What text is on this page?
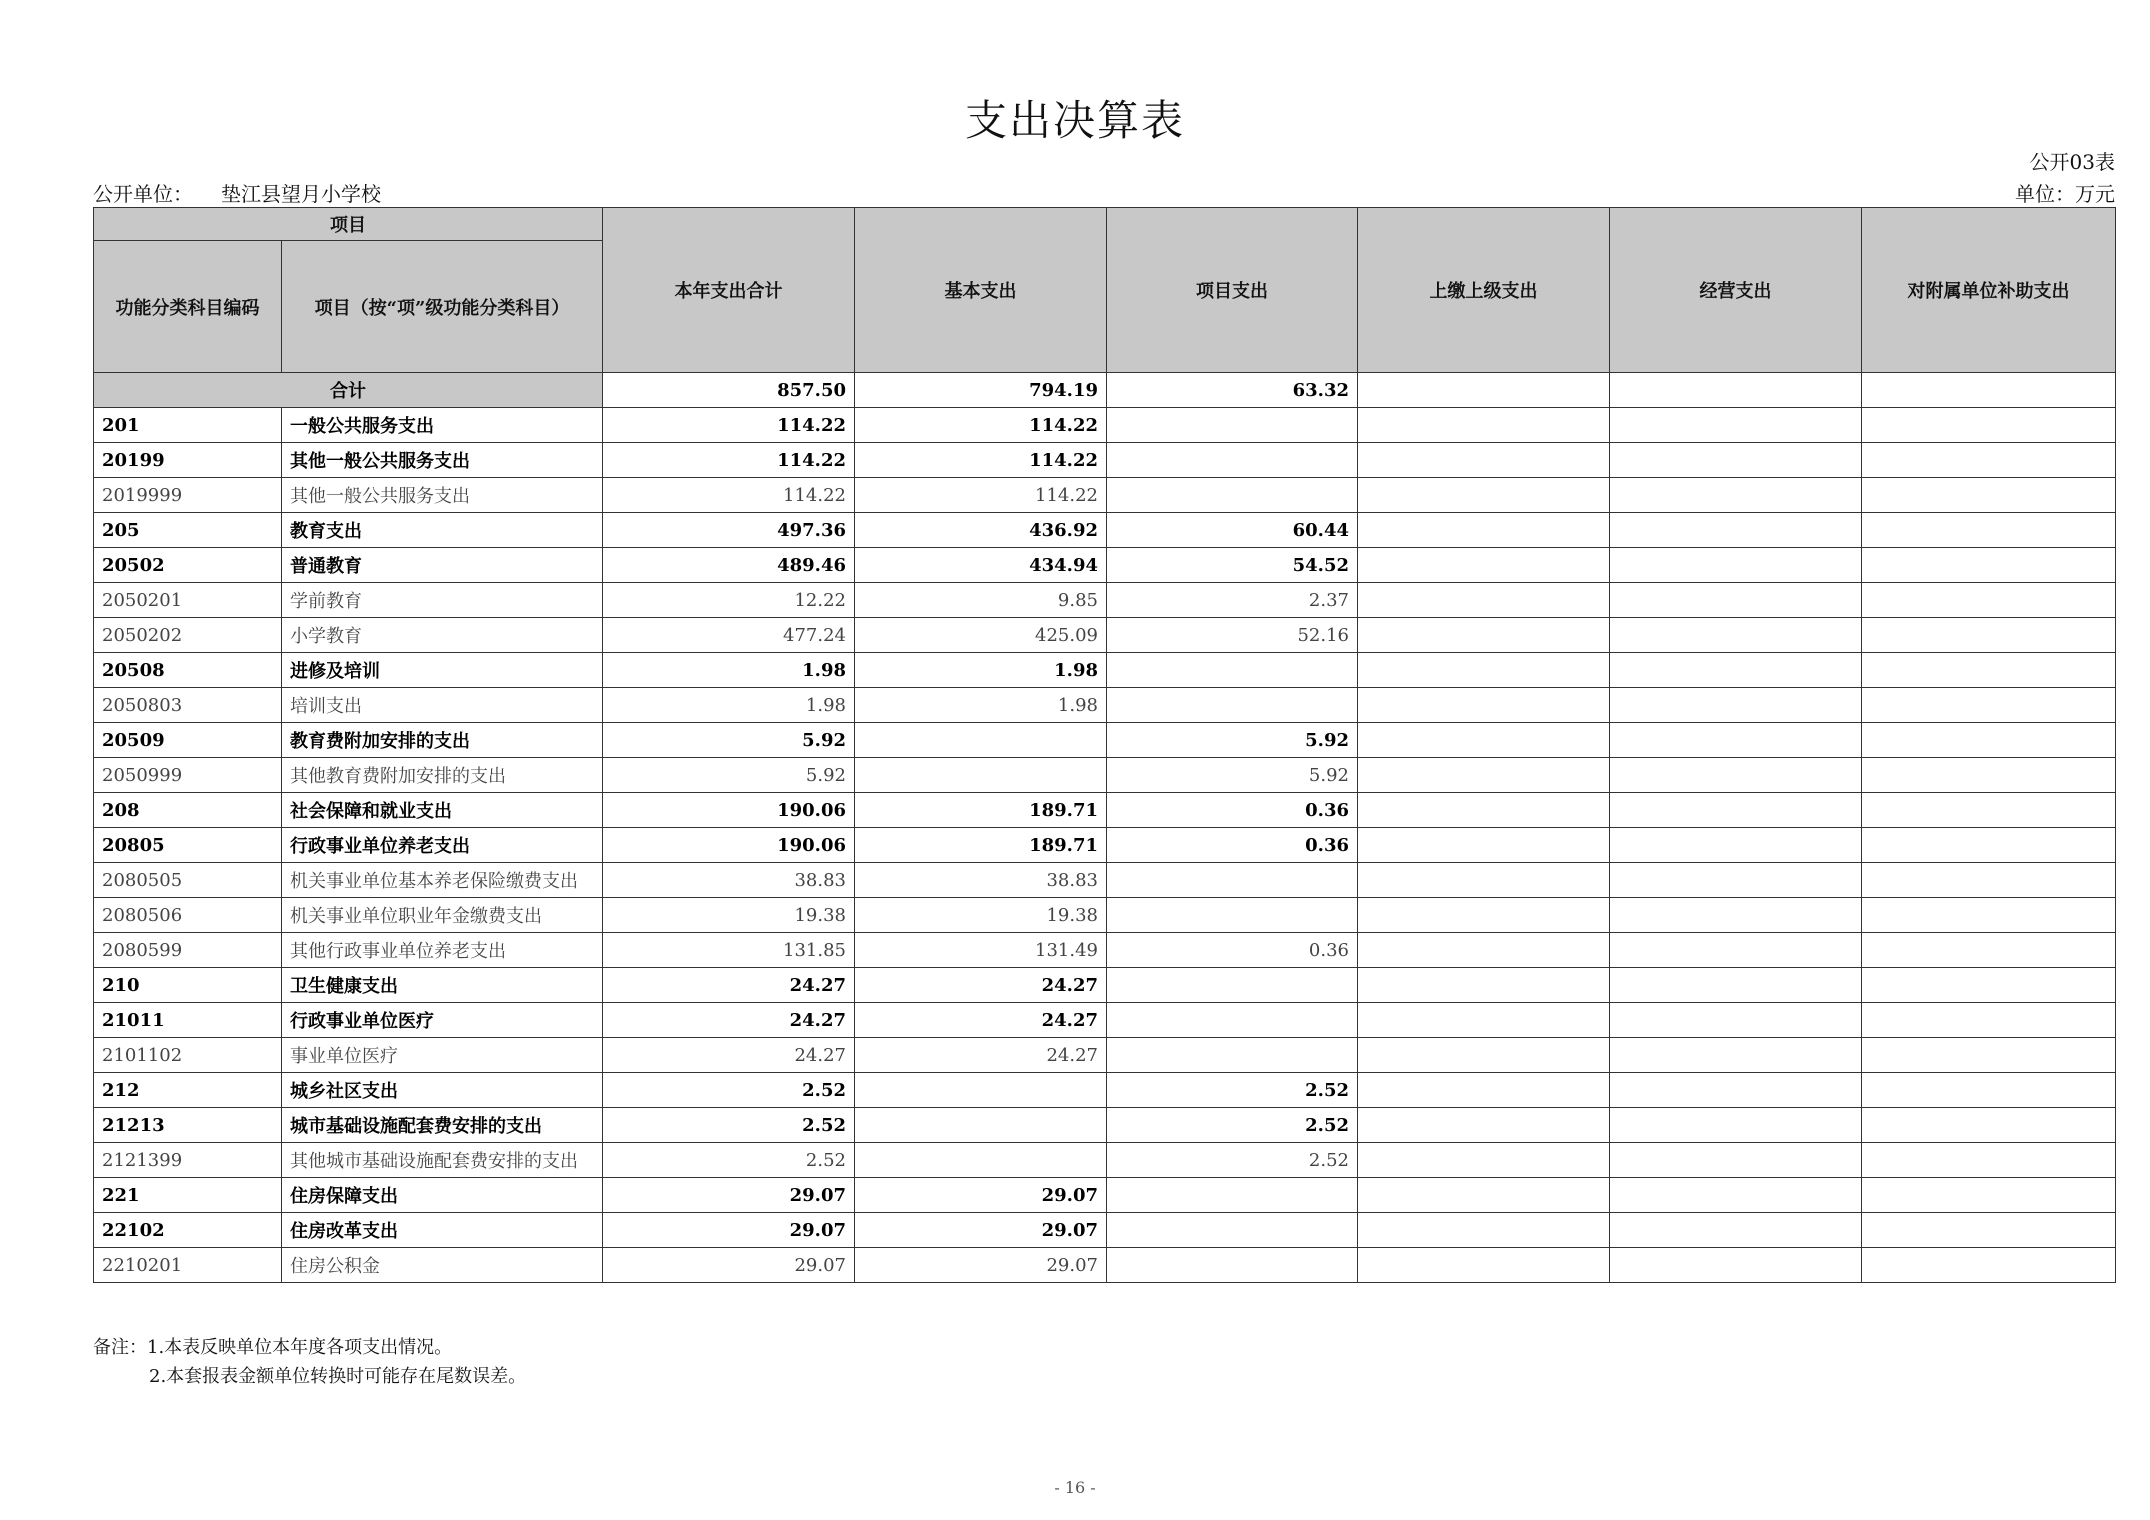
支出决算表
公开03表
公开单位： 垫江县望月小学校	单位：万元
项目		本年支出合计	基本支出	项目支出	上缴上级支出	经营支出	对附属单位补助支出
功能分类科目编码	项目（按“项”级功能分类科目）						
合计		857.50	794.19	63.32			
201	一般公共服务支出	114.22	114.22				
20199	其他一般公共服务支出	114.22	114.22				
2019999	其他一般公共服务支出	114.22	114.22				
205	教育支出	497.36	436.92	60.44			
20502	普通教育	489.46	434.94	54.52			
2050201	学前教育	12.22	9.85	2.37			
2050202	小学教育	477.24	425.09	52.16			
20508	进修及培训	1.98	1.98				
2050803	培训支出	1.98	1.98				
20509	教育费附加安排的支出	5.92		5.92			
2050999	其他教育费附加安排的支出	5.92		5.92			
208	社会保障和就业支出	190.06	189.71	0.36			
20805	行政事业单位养老支出	190.06	189.71	0.36			
2080505	机关事业单位基本养老保险缴费支出	38.83	38.83				
2080506	机关事业单位职业年金缴费支出	19.38	19.38				
2080599	其他行政事业单位养老支出	131.85	131.49	0.36			
210	卫生健康支出	24.27	24.27				
21011	行政事业单位医疗	24.27	24.27				
2101102	事业单位医疗	24.27	24.27				
212	城乡社区支出	2.52		2.52			
21213	城市基础设施配套费安排的支出	2.52		2.52			
2121399	其他城市基础设施配套费安排的支出	2.52		2.52			
221	住房保障支出	29.07	29.07				
22102	住房改革支出	29.07	29.07				
2210201	住房公积金	29.07	29.07				
备注：1.本表反映单位本年度各项支出情况。
2.本套报表金额单位转换时可能存在尾数误差。
- 16 -
